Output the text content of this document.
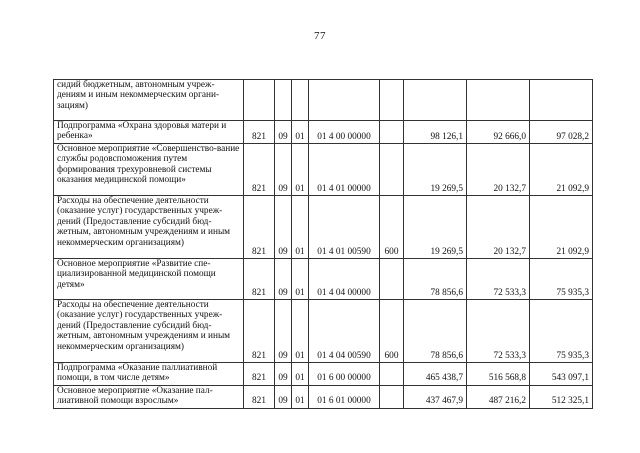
77
сидий бюджетным, автономным учреж-дениям и иным некоммерческим органи-зациям)								
Подпрограмма «Охрана здоровья матери и ребенка»	821	09	01	01 4 00 00000		98 126,1	92 666,0	97 028,2
Основное мероприятие «Совершенство-вание службы родовспоможения путем формирования трехуровневой системы оказания медицинской помощи»	821	09	01	01 4 01 00000		19 269,5	20 132,7	21 092,9
Расходы на обеспечение деятельности (оказание услуг) государственных учреж-дений (Предоставление субсидий бюд-жетным, автономным учреждениям и иным некоммерческим организациям)	821	09	01	01 4 01 00590	600	19 269,5	20 132,7	21 092,9
Основное мероприятие «Развитие спе-циализированной медицинской помощи детям»	821	09	01	01 4 04 00000		78 856,6	72 533,3	75 935,3
Расходы на обеспечение деятельности (оказание услуг) государственных учреж-дений (Предоставление субсидий бюд-жетным, автономным учреждениям и иным некоммерческим организациям)	821	09	01	01 4 04 00590	600	78 856,6	72 533,3	75 935,3
Подпрограмма «Оказание паллиативной помощи, в том числе детям»	821	09	01	01 6 00 00000		465 438,7	516 568,8	543 097,1
Основное мероприятие «Оказание пал-лиативной помощи взрослым»	821	09	01	01 6 01 00000		437 467,9	487 216,2	512 325,1
